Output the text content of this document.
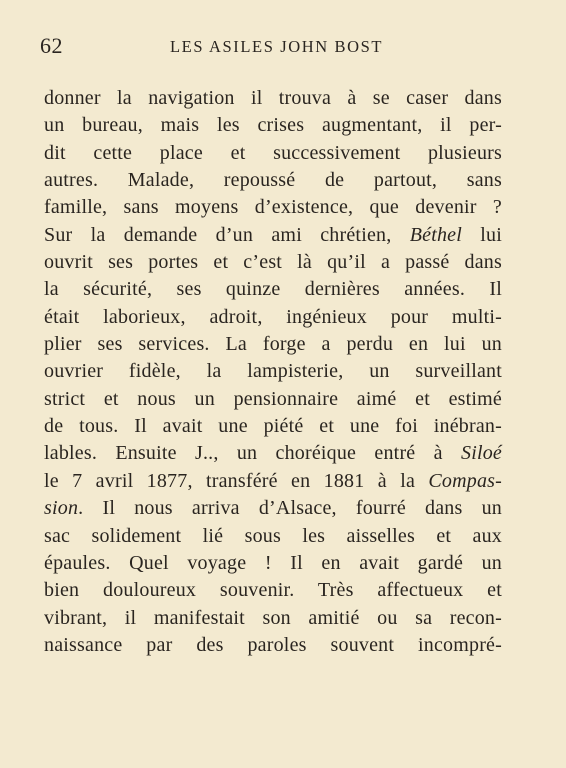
62	LES ASILES JOHN BOST
donner la navigation il trouva à se caser dans
un bureau, mais les crises augmentant, il per-
dit cette place et successivement plusieurs
autres. Malade, repoussé de partout, sans
famille, sans moyens d’existence, que devenir ?
Sur la demande d’un ami chrétien, Béthel lui
ouvrit ses portes et c’est là qu’il a passé dans
la sécurité, ses quinze dernières années. Il
était laborieux, adroit, ingénieux pour multi-
plier ses services. La forge a perdu en lui un
ouvrier fidèle, la lampisterie, un surveillant
strict et nous un pensionnaire aimé et estimé
de tous. Il avait une piété et une foi inébran-
lables. Ensuite J.., un choréique entré à Siloé
le 7 avril 1877, transféré en 1881 à la Compas-
sion. Il nous arriva d’Alsace, fourré dans un
sac solidement lié sous les aisselles et aux
épaules. Quel voyage ! Il en avait gardé un
bien douloureux souvenir. Très affectueux et
vibrant, il manifestait son amitié ou sa recon-
naissance par des paroles souvent incompré-
